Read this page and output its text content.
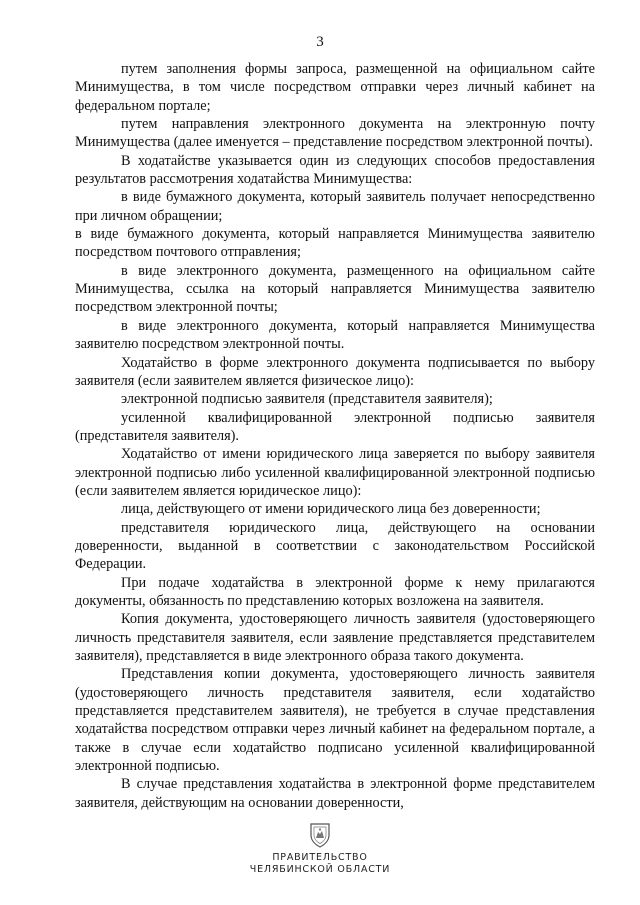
3

путем заполнения формы запроса, размещенной на официальном сайте Минимущества, в том числе посредством отправки через личный кабинет на федеральном портале;

путем направления электронного документа на электронную почту Минимущества (далее именуется – представление посредством электронной почты).

В ходатайстве указывается один из следующих способов предоставления результатов рассмотрения ходатайства Минимущества:

в виде бумажного документа, который заявитель получает непосредственно при личном обращении;

в виде бумажного документа, который направляется Минимущества заявителю посредством почтового отправления;

в виде электронного документа, размещенного на официальном сайте Минимущества, ссылка на который направляется Минимущества заявителю посредством электронной почты;

в виде электронного документа, который направляется Минимущества заявителю посредством электронной почты.

Ходатайство в форме электронного документа подписывается по выбору заявителя (если заявителем является физическое лицо):

электронной подписью заявителя (представителя заявителя);

усиленной квалифицированной электронной подписью заявителя (представителя заявителя).

Ходатайство от имени юридического лица заверяется по выбору заявителя электронной подписью либо усиленной квалифицированной электронной подписью (если заявителем является юридическое лицо):

лица, действующего от имени юридического лица без доверенности;

представителя юридического лица, действующего на основании доверенности, выданной в соответствии с законодательством Российской Федерации.

При подаче ходатайства в электронной форме к нему прилагаются документы, обязанность по представлению которых возложена на заявителя.

Копия документа, удостоверяющего личность заявителя (удостоверяющего личность представителя заявителя, если заявление представляется представителем заявителя), представляется в виде электронного образа такого документа.

Представления копии документа, удостоверяющего личность заявителя (удостоверяющего личность представителя заявителя, если ходатайство представляется представителем заявителя), не требуется в случае представления ходатайства посредством отправки через личный кабинет на федеральном портале, а также в случае если ходатайство подписано усиленной квалифицированной электронной подписью.

В случае представления ходатайства в электронной форме представителем заявителя, действующим на основании доверенности,

ПРАВИТЕЛЬСТВО
ЧЕЛЯБИНСКОЙ ОБЛАСТИ
